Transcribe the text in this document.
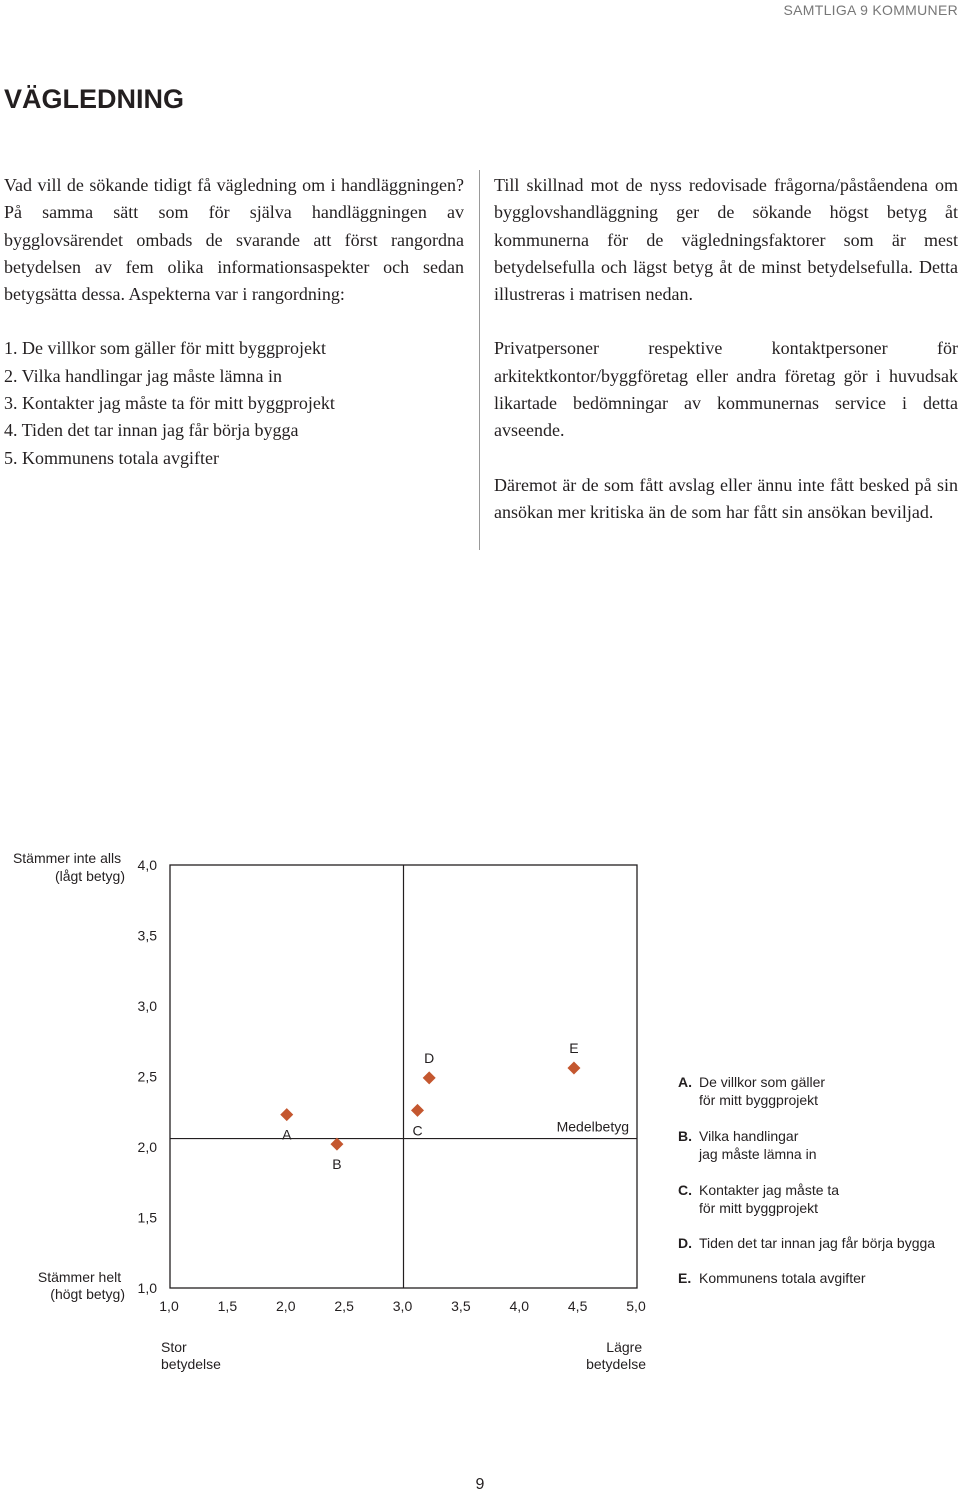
SAMTLIGA 9 KOMMUNER
VÄGLEDNING

Vad vill de sökande tidigt få vägledning om i handläggningen? På samma sätt som för själva handläggningen av bygglovsärendet ombads de svarande att först rangordna betydelsen av fem olika informationsaspekter och sedan betygsätta dessa. Aspekterna var i rangordning:

1. De villkor som gäller för mitt byggprojekt
2. Vilka handlingar jag måste lämna in
3. Kontakter jag måste ta för mitt byggprojekt
4. Tiden det tar innan jag får börja bygga
5. Kommunens totala avgifter

Till skillnad mot de nyss redovisade frågorna/påståendena om bygglovshandläggning ger de sökande högst betyg åt kommunerna för de vägledningsfaktorer som är mest betydelsefulla och lägst betyg åt de minst betydelsefulla. Detta illustreras i matrisen nedan.

Privatpersoner respektive kontaktpersoner för arkitektkontor/byggföretag eller andra företag gör i huvudsak likartade bedömningar av kommunernas service i detta avseende.

Däremot är de som fått avslag eller ännu inte fått besked på sin ansökan mer kritiska än de som har fått sin ansökan beviljad.

Medelbetyg
4,0
3,5
3,0
2,5
2,0
1,5
1,0
1,0	1,5	2,0	2,5	3,0	3,5	4,0	4,5	5,0
A
B
C
D
E
Stämmer inte alls (lågt betyg)
Stämmer helt (högt betyg)
Stor betydelse
Lägre betydelse
A. De villkor som gäller
för mitt byggprojekt
B. Vilka handlingar
jag måste lämna in
C. Kontakter jag måste ta
för mitt byggprojekt
D. Tiden det tar innan jag får börja bygga
E. Kommunens totala avgifter
9
